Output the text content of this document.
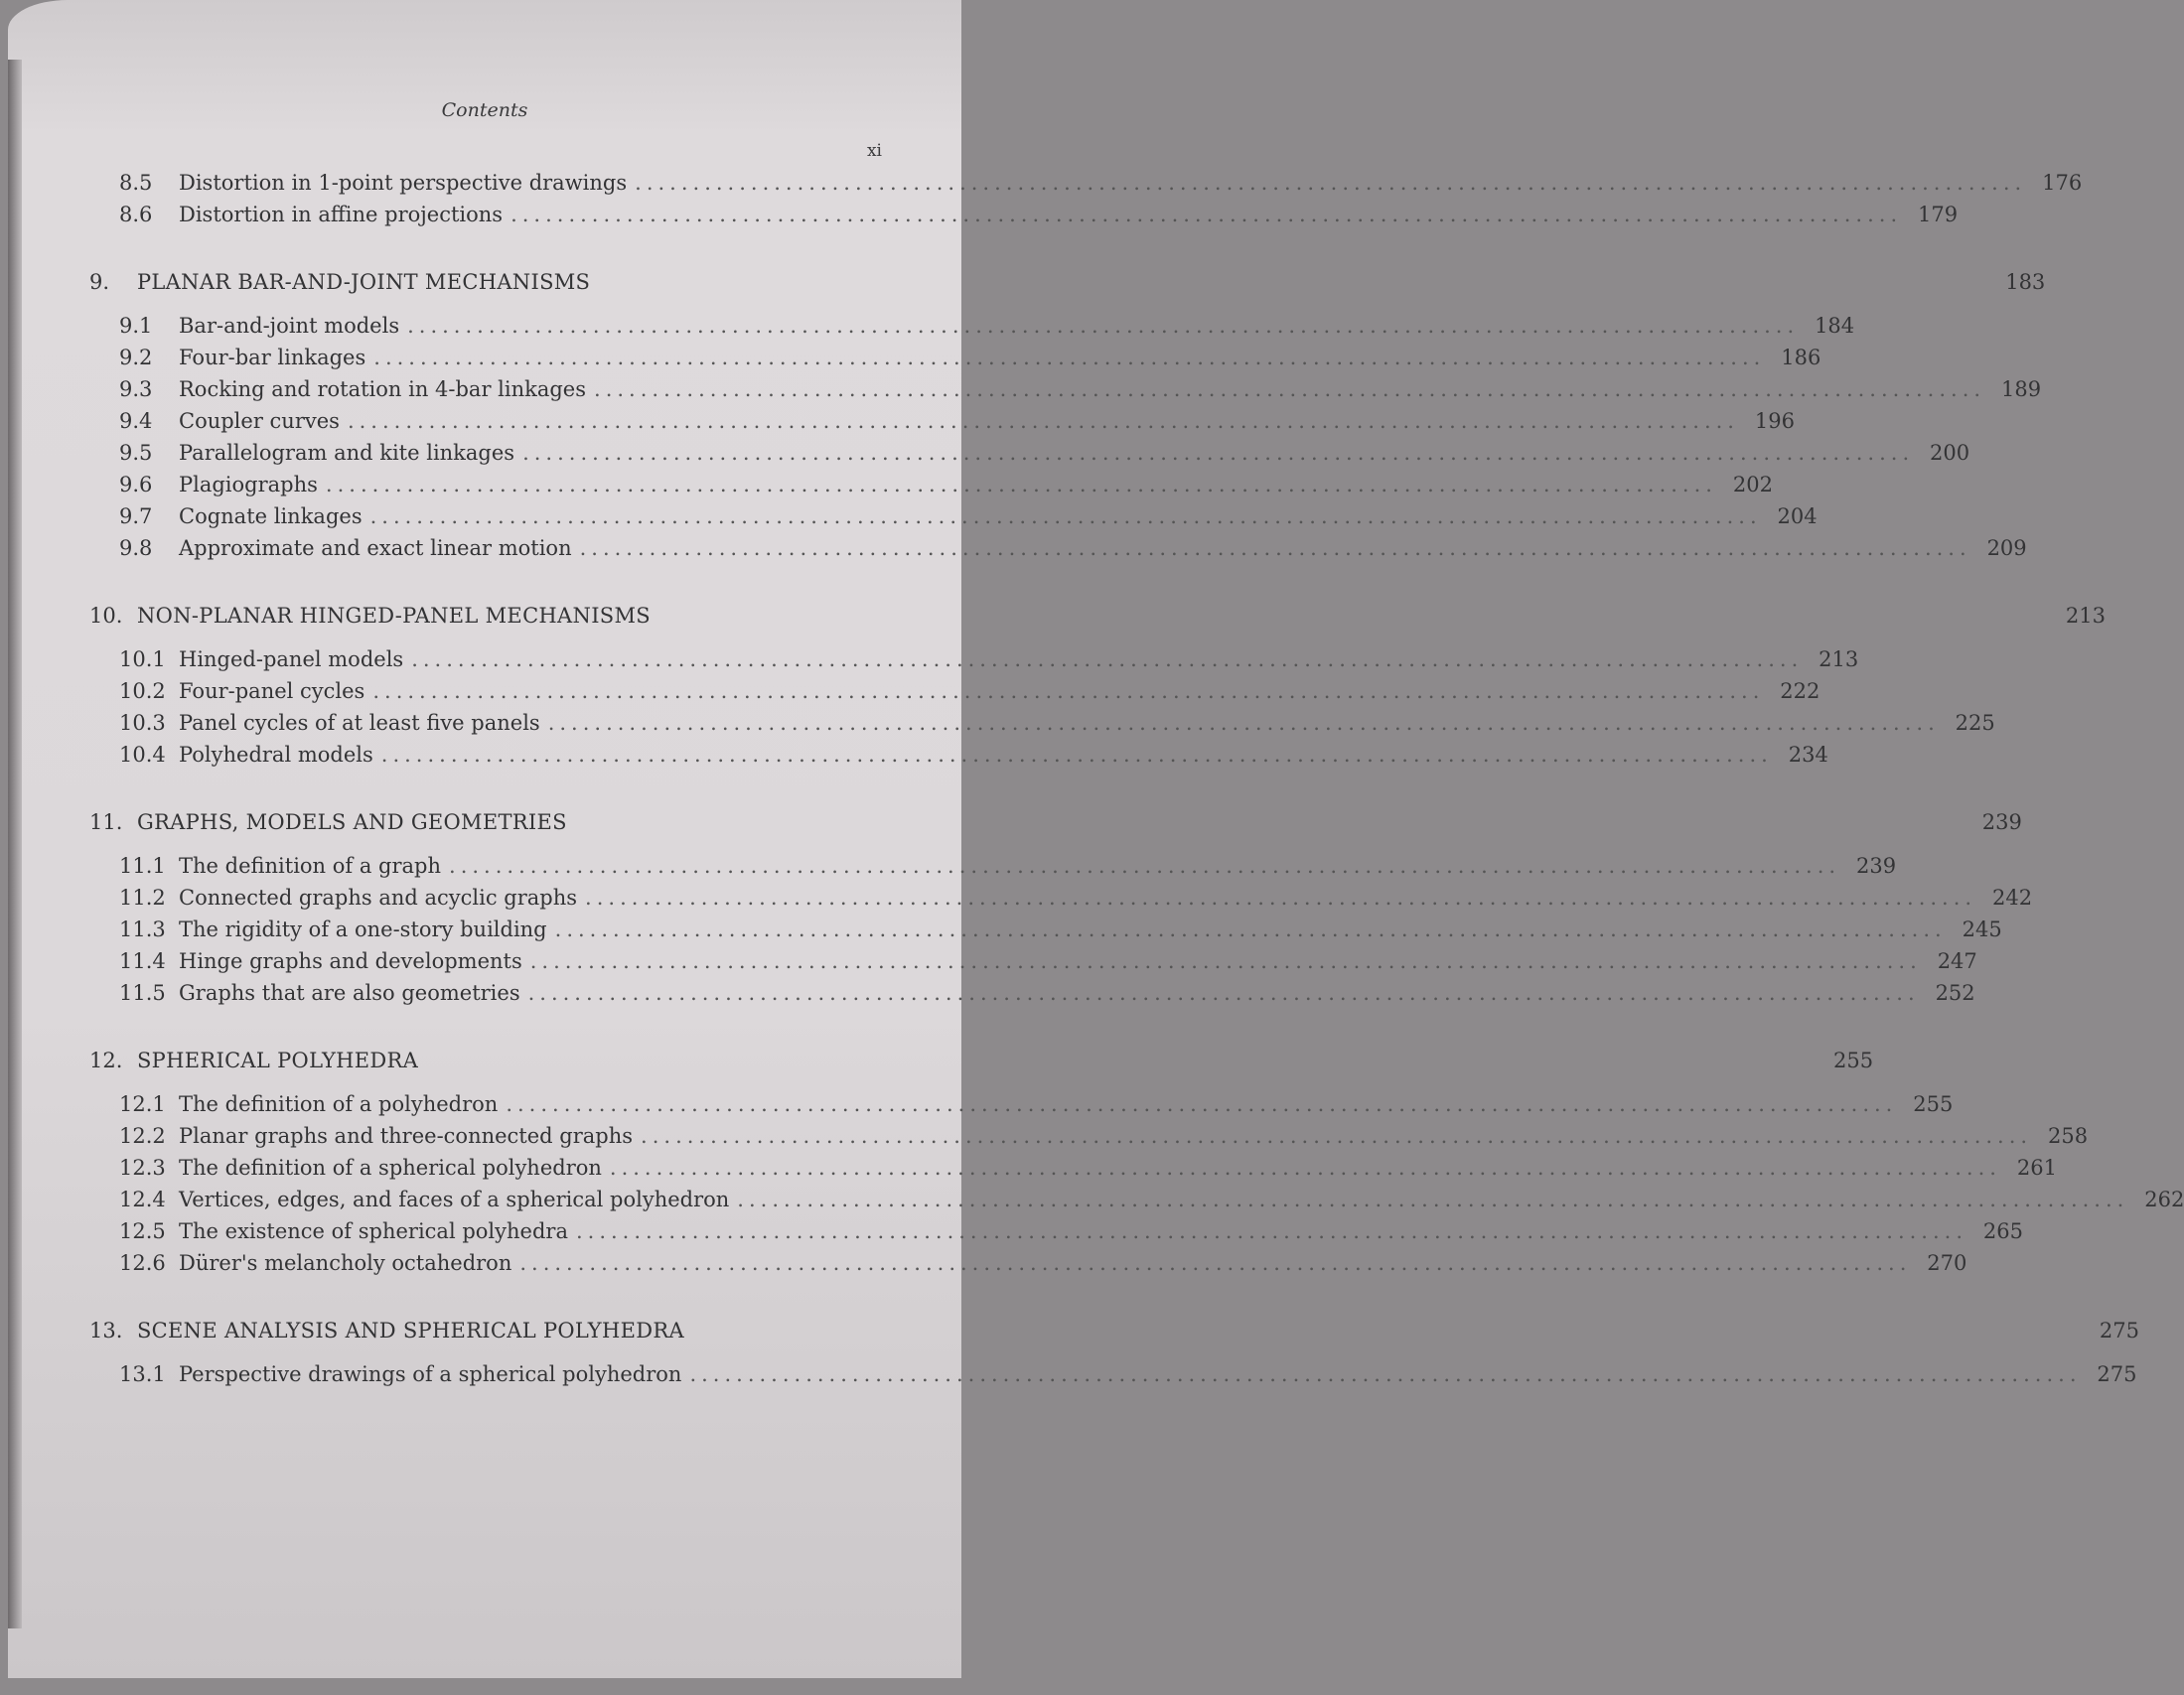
Contents
xi
8.5	Distortion in 1-point perspective drawings ........................................................................................................................ 176
8.6	Distortion in affine projections ........................................................................................................................ 179
9.	PLANAR BAR-AND-JOINT MECHANISMS	183
9.1	Bar-and-joint models ........................................................................................................................ 184
9.2	Four-bar linkages ........................................................................................................................ 186
9.3	Rocking and rotation in 4-bar linkages ........................................................................................................................ 189
9.4	Coupler curves ........................................................................................................................ 196
9.5	Parallelogram and kite linkages ........................................................................................................................ 200
9.6	Plagiographs ........................................................................................................................ 202
9.7	Cognate linkages ........................................................................................................................ 204
9.8	Approximate and exact linear motion ........................................................................................................................ 209
10. NON-PLANAR HINGED-PANEL MECHANISMS	213
10.1 Hinged-panel models ........................................................................................................................ 213
10.2 Four-panel cycles ........................................................................................................................ 222
10.3 Panel cycles of at least five panels ........................................................................................................................ 225
10.4 Polyhedral models ........................................................................................................................ 234
11. GRAPHS, MODELS AND GEOMETRIES	239
11.1 The definition of a graph ........................................................................................................................ 239
11.2 Connected graphs and acyclic graphs ........................................................................................................................ 242
11.3 The rigidity of a one-story building ........................................................................................................................ 245
11.4 Hinge graphs and developments ........................................................................................................................ 247
11.5 Graphs that are also geometries ........................................................................................................................ 252
12. SPHERICAL POLYHEDRA	255
12.1 The definition of a polyhedron ........................................................................................................................ 255
12.2 Planar graphs and three-connected graphs ........................................................................................................................ 258
12.3 The definition of a spherical polyhedron ........................................................................................................................ 261
12.4 Vertices, edges, and faces of a spherical polyhedron ........................................................................................................................ 262
12.5 The existence of spherical polyhedra ........................................................................................................................ 265
12.6 Dürer's melancholy octahedron ........................................................................................................................ 270
13. SCENE ANALYSIS AND SPHERICAL POLYHEDRA	275
13.1 Perspective drawings of a spherical polyhedron ........................................................................................................................ 275
